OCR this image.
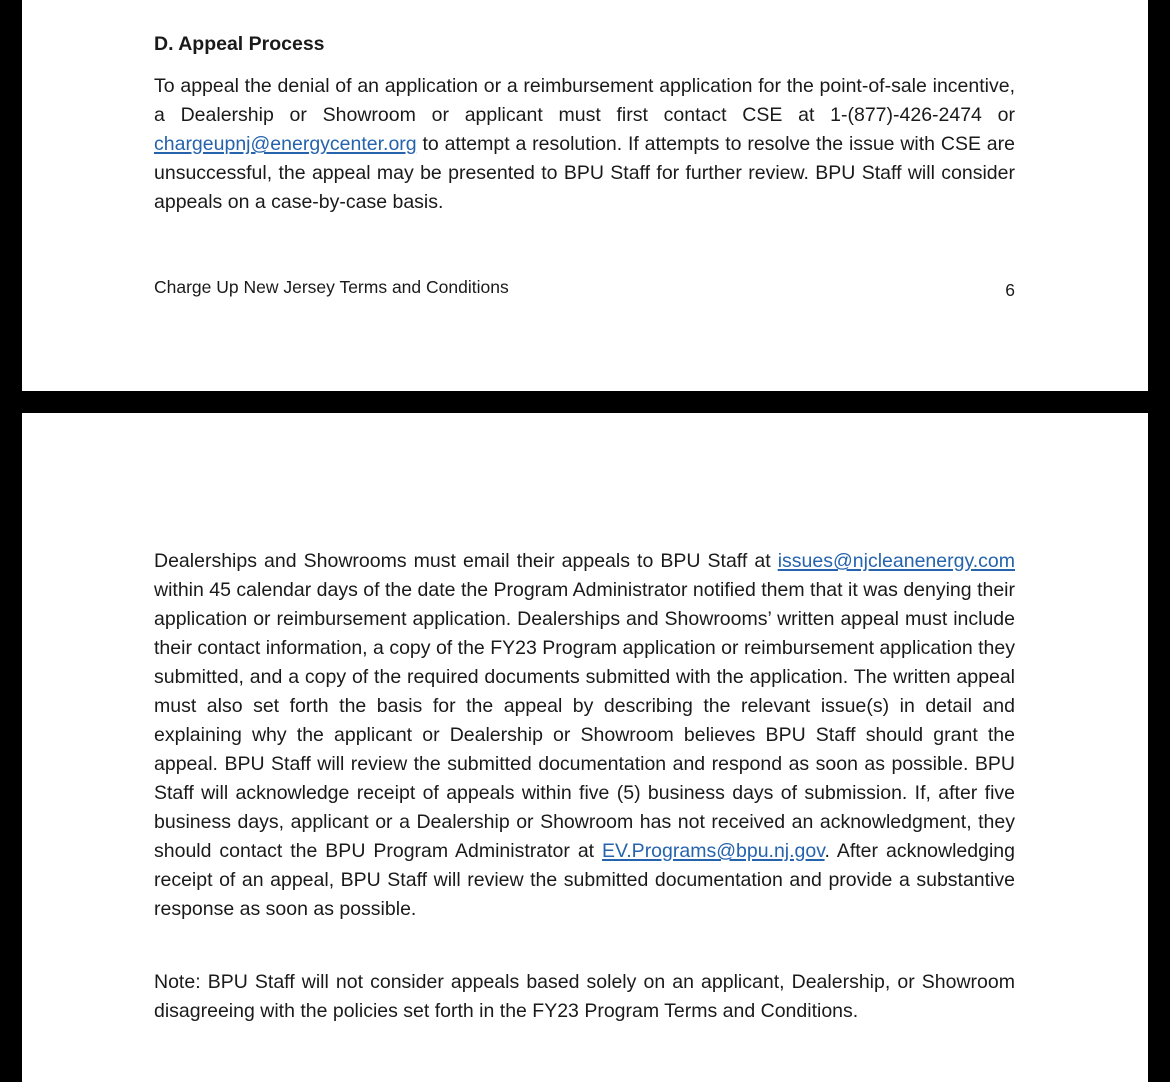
D. Appeal Process

To appeal the denial of an application or a reimbursement application for the point-of-sale incentive, a Dealership or Showroom or applicant must first contact CSE at 1-(877)-426-2474 or chargeupnj@energycenter.org to attempt a resolution. If attempts to resolve the issue with CSE are unsuccessful, the appeal may be presented to BPU Staff for further review. BPU Staff will consider appeals on a case-by-case basis.

Charge Up New Jersey Terms and Conditions	6

Dealerships and Showrooms must email their appeals to BPU Staff at issues@njcleanenergy.com within 45 calendar days of the date the Program Administrator notified them that it was denying their application or reimbursement application. Dealerships and Showrooms’ written appeal must include their contact information, a copy of the FY23 Program application or reimbursement application they submitted, and a copy of the required documents submitted with the application. The written appeal must also set forth the basis for the appeal by describing the relevant issue(s) in detail and explaining why the applicant or Dealership or Showroom believes BPU Staff should grant the appeal. BPU Staff will review the submitted documentation and respond as soon as possible. BPU Staff will acknowledge receipt of appeals within five (5) business days of submission. If, after five business days, applicant or a Dealership or Showroom has not received an acknowledgment, they should contact the BPU Program Administrator at EV.Programs@bpu.nj.gov. After acknowledging receipt of an appeal, BPU Staff will review the submitted documentation and provide a substantive response as soon as possible.

Note: BPU Staff will not consider appeals based solely on an applicant, Dealership, or Showroom disagreeing with the policies set forth in the FY23 Program Terms and Conditions.
